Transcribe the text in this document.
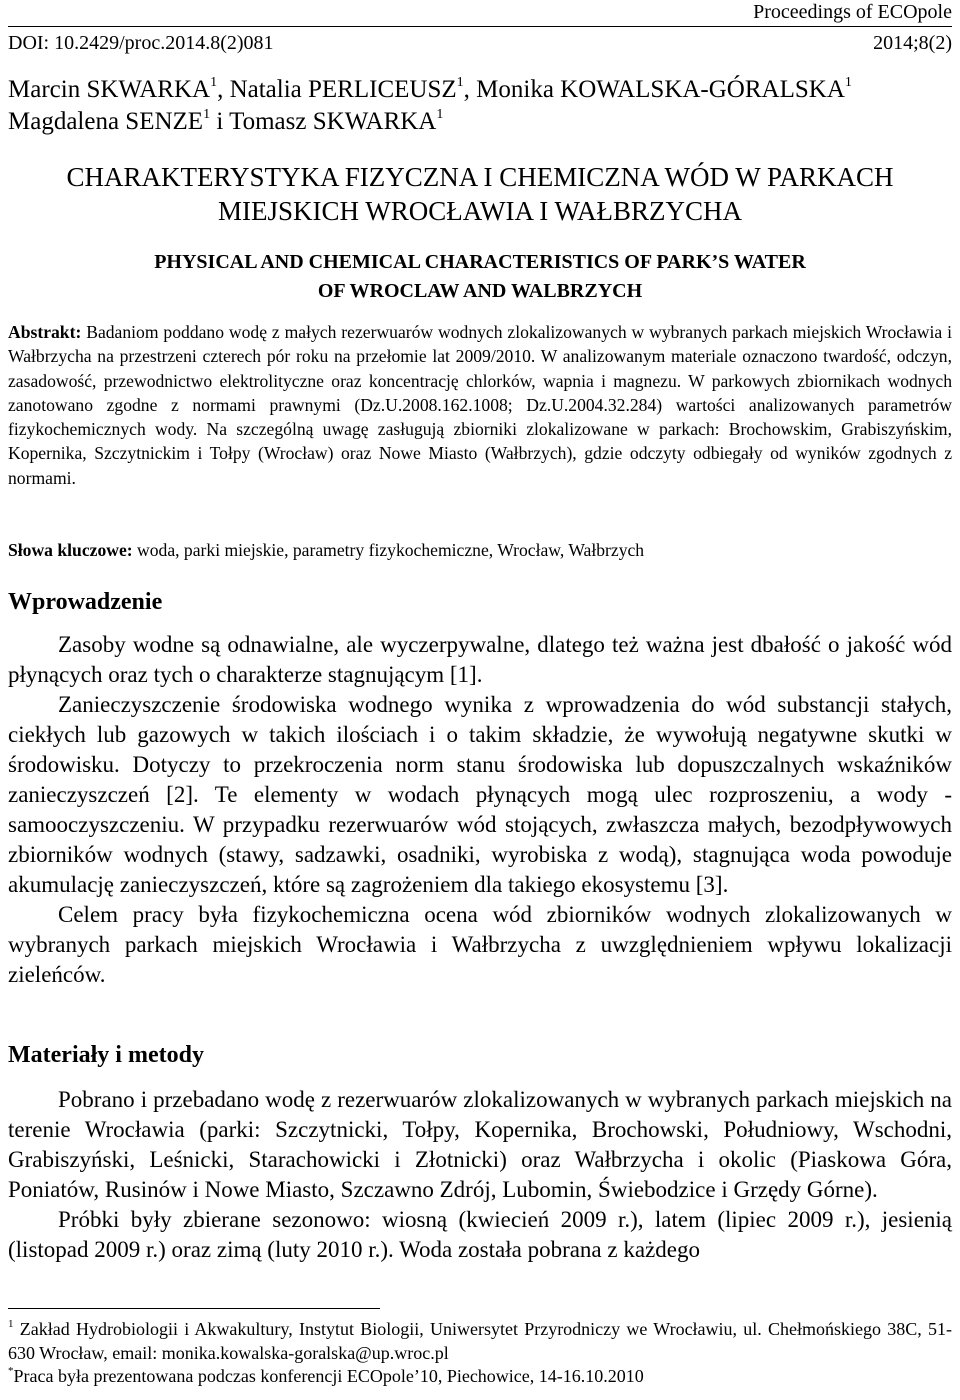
Proceedings of ECOpole
DOI: 10.2429/proc.2014.8(2)081	2014;8(2)
Marcin SKWARKA$^1$, Natalia PERLICEUSZ$^1$, Monika KOWALSKA-GÓRALSKA$^1$
Magdalena SENZE$^1$ i Tomasz SKWARKA$^1$
CHARAKTERYSTYKA FIZYCZNA I CHEMICZNA WÓD W PARKACH
MIEJSKICH WROCŁAWIA I WAŁBRZYCHA
PHYSICAL AND CHEMICAL CHARACTERISTICS OF PARK’S WATER
OF WROCLAW AND WALBRZYCH
Abstrakt: Badaniom poddano wodę z małych rezerwuarów wodnych zlokalizowanych w wybranych parkach miejskich Wrocławia i Wałbrzycha na przestrzeni czterech pór roku na przełomie lat 2009/2010. W analizowanym materiale oznaczono twardość, odczyn, zasadowość, przewodnictwo elektrolityczne oraz koncentrację chlorków, wapnia i magnezu. W parkowych zbiornikach wodnych zanotowano zgodne z normami prawnymi (Dz.U.2008.162.1008; Dz.U.2004.32.284) wartości analizowanych parametrów fizykochemicznych wody. Na szczególną uwagę zasługują zbiorniki zlokalizowane w parkach: Brochowskim, Grabiszyńskim, Kopernika, Szczytnickim i Tołpy (Wrocław) oraz Nowe Miasto (Wałbrzych), gdzie odczyty odbiegały od wyników zgodnych z normami.
Słowa kluczowe: woda, parki miejskie, parametry fizykochemiczne, Wrocław, Wałbrzych
Wprowadzenie

Zasoby wodne są odnawialne, ale wyczerpywalne, dlatego też ważna jest dbałość o jakość wód płynących oraz tych o charakterze stagnującym [1].

Zanieczyszczenie środowiska wodnego wynika z wprowadzenia do wód substancji stałych, ciekłych lub gazowych w takich ilościach i o takim składzie, że wywołują negatywne skutki w środowisku. Dotyczy to przekroczenia norm stanu środowiska lub dopuszczalnych wskaźników zanieczyszczeń [2]. Te elementy w wodach płynących mogą ulec rozproszeniu, a wody - samooczyszczeniu. W przypadku rezerwuarów wód stojących, zwłaszcza małych, bezodpływowych zbiorników wodnych (stawy, sadzawki, osadniki, wyrobiska z wodą), stagnująca woda powoduje akumulację zanieczyszczeń, które są zagrożeniem dla takiego ekosystemu [3].

Celem pracy była fizykochemiczna ocena wód zbiorników wodnych zlokalizowanych w wybranych parkach miejskich Wrocławia i Wałbrzycha z uwzględnieniem wpływu lokalizacji zieleńców.

Materiały i metody

Pobrano i przebadano wodę z rezerwuarów zlokalizowanych w wybranych parkach miejskich na terenie Wrocławia (parki: Szczytnicki, Tołpy, Kopernika, Brochowski, Południowy, Wschodni, Grabiszyński, Leśnicki, Starachowicki i Złotnicki) oraz Wałbrzycha i okolic (Piaskowa Góra, Poniatów, Rusinów i Nowe Miasto, Szczawno Zdrój, Lubomin, Świebodzice i Grzędy Górne).

Próbki były zbierane sezonowo: wiosną (kwiecień 2009 r.), latem (lipiec 2009 r.), jesienią (listopad 2009 r.) oraz zimą (luty 2010 r.). Woda została pobrana z każdego

$^1$ Zakład Hydrobiologii i Akwakultury, Instytut Biologii, Uniwersytet Przyrodniczy we Wrocławiu, ul. Chełmońskiego 38C, 51-630 Wrocław, email: monika.kowalska-goralska@up.wroc.pl

*Praca była prezentowana podczas konferencji ECOpole’10, Piechowice, 14-16.10.2010
